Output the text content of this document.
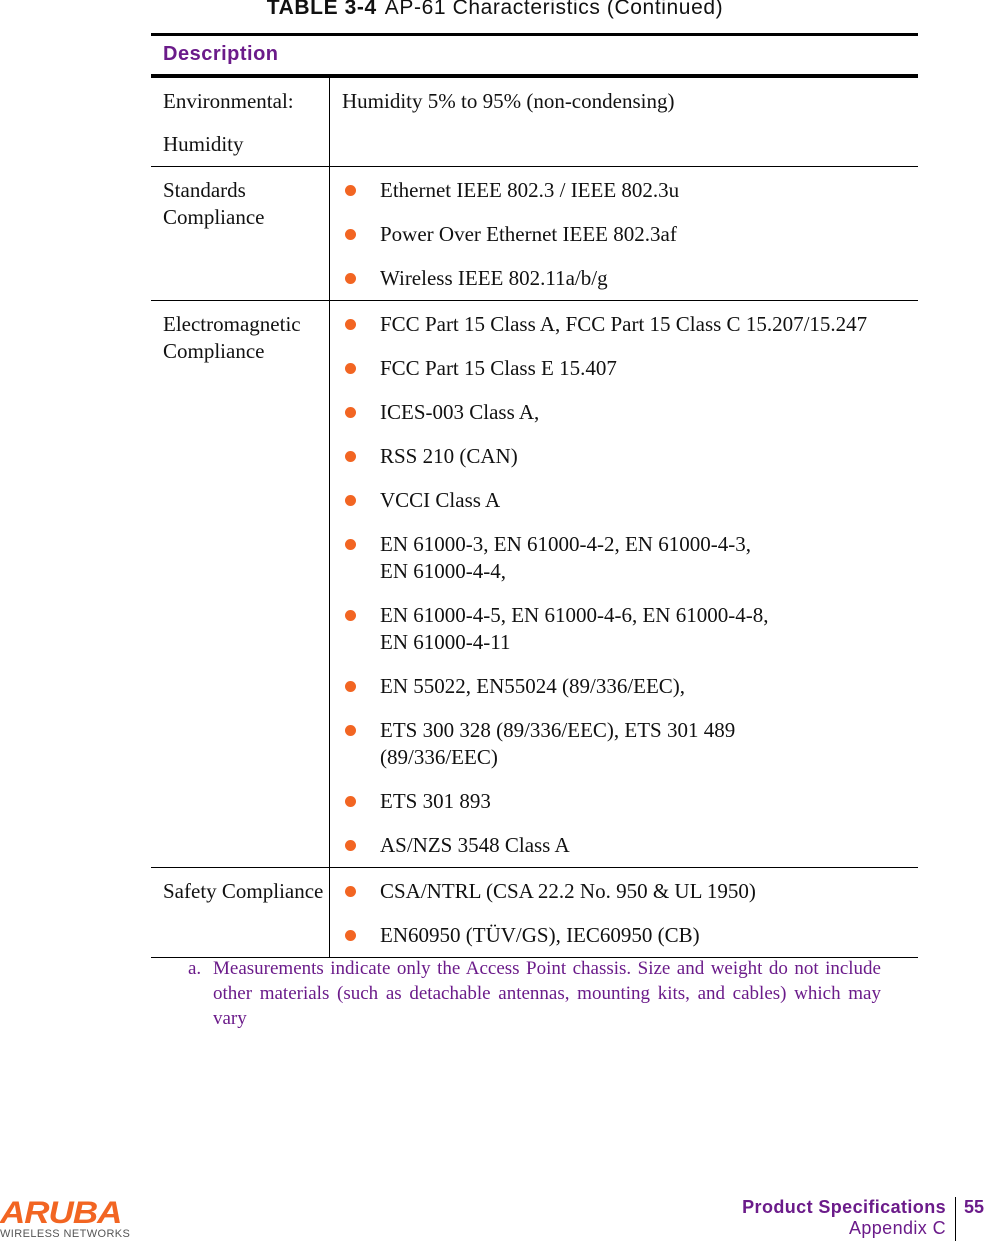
TABLE 3-4 AP-61 Characteristics (Continued)
Description

Environmental:

Humidity

Humidity 5% to 95% (non-condensing)

Standards Compliance

Ethernet IEEE 802.3 / IEEE 802.3u
Power Over Ethernet IEEE 802.3af
Wireless IEEE 802.11a/b/g

Electromagnetic Compliance

FCC Part 15 Class A, FCC Part 15 Class C 15.207/15.247
FCC Part 15 Class E 15.407
ICES-003 Class A,
RSS 210 (CAN)
VCCI Class A
EN 61000-3, EN 61000-4-2, EN 61000-4-3,
EN 61000-4-4,
EN 61000-4-5, EN 61000-4-6, EN 61000-4-8,
EN 61000-4-11
EN 55022, EN55024 (89/336/EEC),
ETS 300 328 (89/336/EEC), ETS 301 489
(89/336/EEC)
ETS 301 893
AS/NZS 3548 Class A

Safety Compliance	CSA/NTRL (CSA 22.2 No. 950 & UL 1950)
EN60950 (TÜV/GS), IEC60950 (CB)
a. Measurements indicate only the Access Point chassis. Size and weight do not include other materials (such as detachable antennas, mounting kits, and cables) which may vary
ARUBA
WIRELESS NETWORKS
Product Specifications
Appendix C
55
